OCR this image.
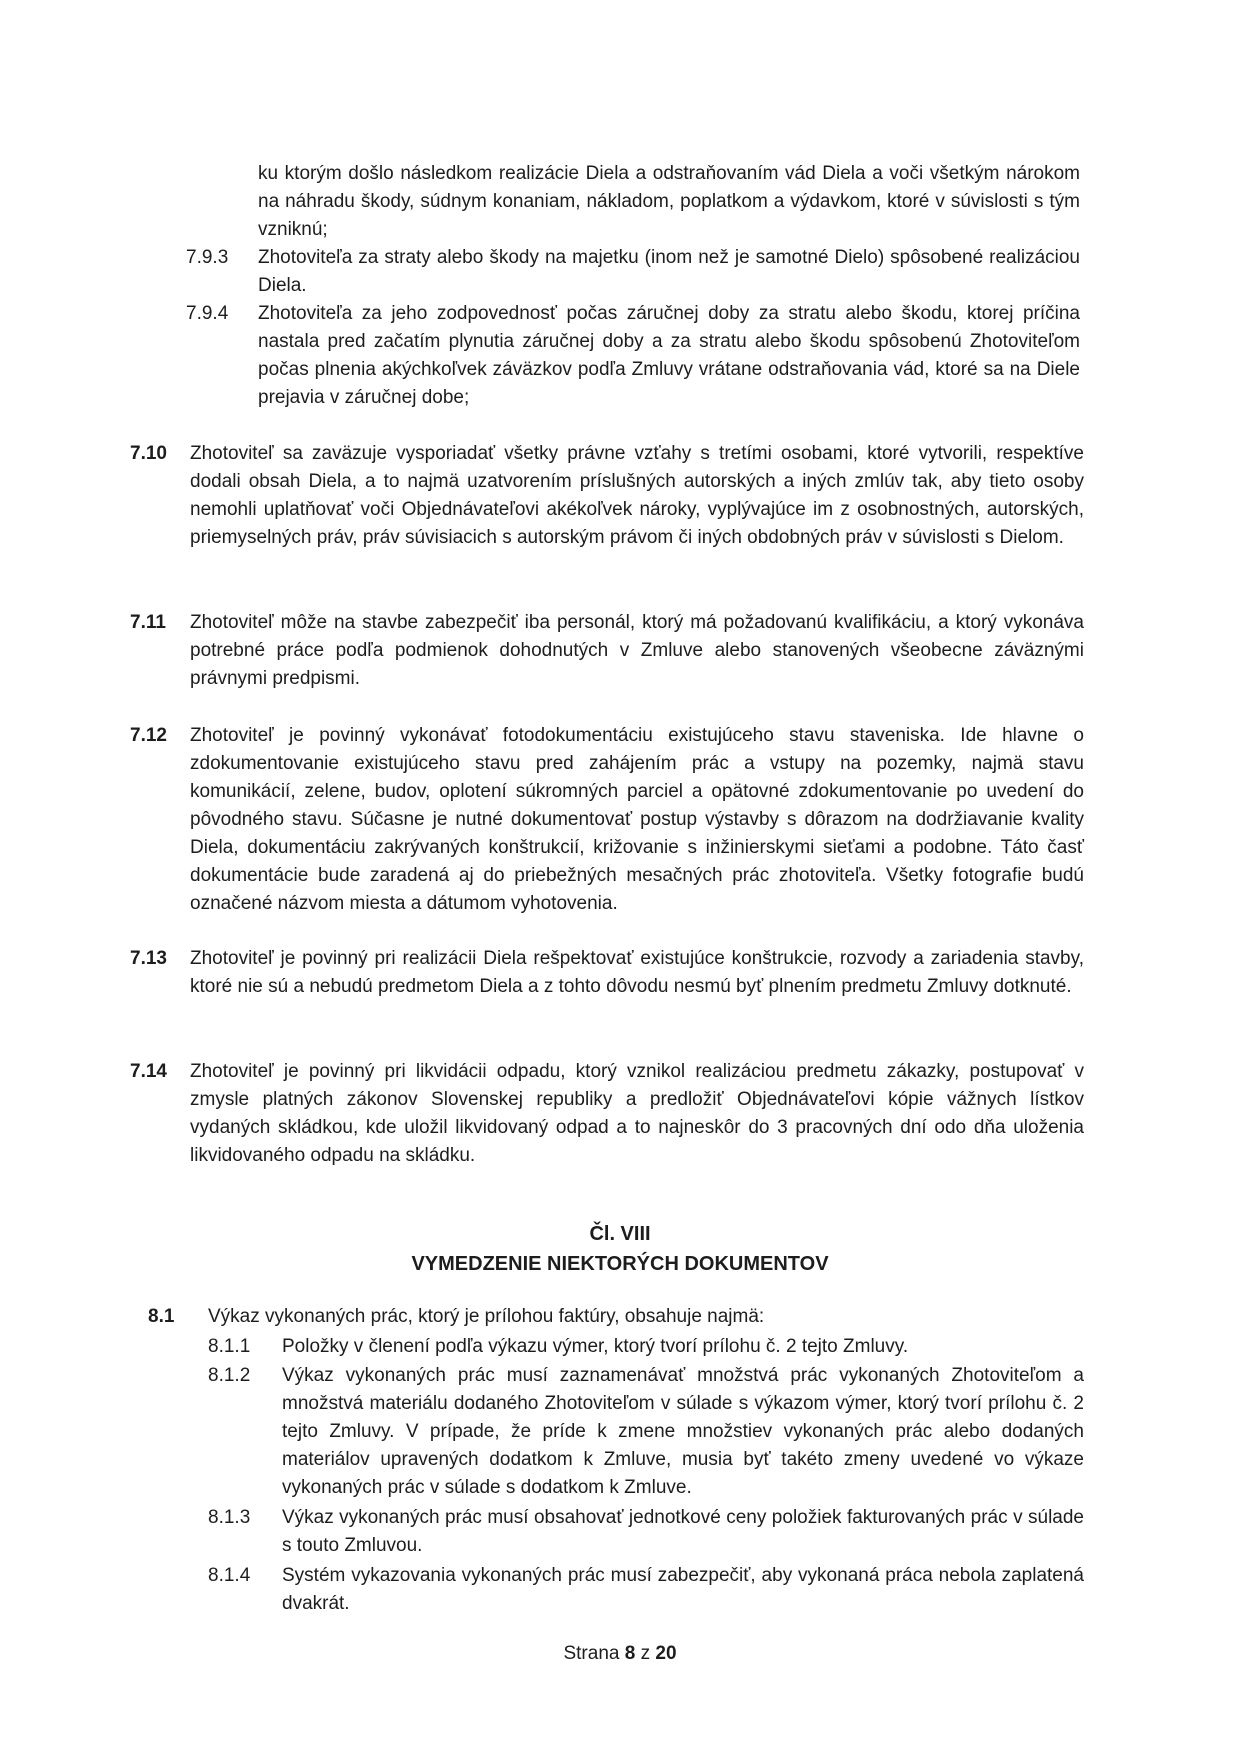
ku ktorým došlo následkom realizácie Diela a odstraňovaním vád Diela a voči všetkým nárokom na náhradu škody, súdnym konaniam, nákladom, poplatkom a výdavkom, ktoré v súvislosti s tým vzniknú;
7.9.3 Zhotoviteľa za straty alebo škody na majetku (inom než je samotné Dielo) spôsobené realizáciou Diela.
7.9.4 Zhotoviteľa za jeho zodpovednosť počas záručnej doby za stratu alebo škodu, ktorej príčina nastala pred začatím plynutia záručnej doby a za stratu alebo škodu spôsobenú Zhotoviteľom počas plnenia akýchkoľvek záväzkov podľa Zmluvy vrátane odstraňovania vád, ktoré sa na Diele prejavia v záručnej dobe;
7.10 Zhotoviteľ sa zaväzuje vysporiadať všetky právne vzťahy s tretími osobami, ktoré vytvorili, respektíve dodali obsah Diela, a to najmä uzatvorením príslušných autorských a iných zmlúv tak, aby tieto osoby nemohli uplatňovať voči Objednávateľovi akékoľvek nároky, vyplývajúce im z osobnostných, autorských, priemyselných práv, práv súvisiacich s autorským právom či iných obdobných práv v súvislosti s Dielom.
7.11 Zhotoviteľ môže na stavbe zabezpečiť iba personál, ktorý má požadovanú kvalifikáciu, a ktorý vykonáva potrebné práce podľa podmienok dohodnutých v Zmluve alebo stanovených všeobecne záväznými právnymi predpismi.
7.12 Zhotoviteľ je povinný vykonávať fotodokumentáciu existujúceho stavu staveniska. Ide hlavne o zdokumentovanie existujúceho stavu pred zahájením prác a vstupy na pozemky, najmä stavu komunikácií, zelene, budov, oplotení súkromných parciel a opätovné zdokumentovanie po uvedení do pôvodného stavu. Súčasne je nutné dokumentovať postup výstavby s dôrazom na dodržiavanie kvality Diela, dokumentáciu zakrývaných konštrukcií, križovanie s inžinierskymi sieťami a podobne. Táto časť dokumentácie bude zaradená aj do priebežných mesačných prác zhotoviteľa. Všetky fotografie budú označené názvom miesta a dátumom vyhotovenia.
7.13 Zhotoviteľ je povinný pri realizácii Diela rešpektovať existujúce konštrukcie, rozvody a zariadenia stavby, ktoré nie sú a nebudú predmetom Diela a z tohto dôvodu nesmú byť plnením predmetu Zmluvy dotknuté.
7.14 Zhotoviteľ je povinný pri likvidácii odpadu, ktorý vznikol realizáciou predmetu zákazky, postupovať v zmysle platných zákonov Slovenskej republiky a predložiť Objednávateľovi kópie vážnych lístkov vydaných skládkou, kde uložil likvidovaný odpad a to najneskôr do 3 pracovných dní odo dňa uloženia likvidovaného odpadu na skládku.
Čl. VIII
VYMEDZENIE NIEKTORÝCH DOKUMENTOV
8.1 Výkaz vykonaných prác, ktorý je prílohou faktúry, obsahuje najmä:
8.1.1 Položky v členení podľa výkazu výmer, ktorý tvorí prílohu č. 2 tejto Zmluvy.
8.1.2 Výkaz vykonaných prác musí zaznamenávať množstvá prác vykonaných Zhotoviteľom a množstvá materiálu dodaného Zhotoviteľom v súlade s výkazom výmer, ktorý tvorí prílohu č. 2 tejto Zmluvy. V prípade, že príde k zmene množstiev vykonaných prác alebo dodaných materiálov upravených dodatkom k Zmluve, musia byť takéto zmeny uvedené vo výkaze vykonaných prác v súlade s dodatkom k Zmluve.
8.1.3 Výkaz vykonaných prác musí obsahovať jednotkové ceny položiek fakturovaných prác v súlade s touto Zmluvou.
8.1.4 Systém vykazovania vykonaných prác musí zabezpečiť, aby vykonaná práca nebola zaplatená dvakrát.
Strana 8 z 20
